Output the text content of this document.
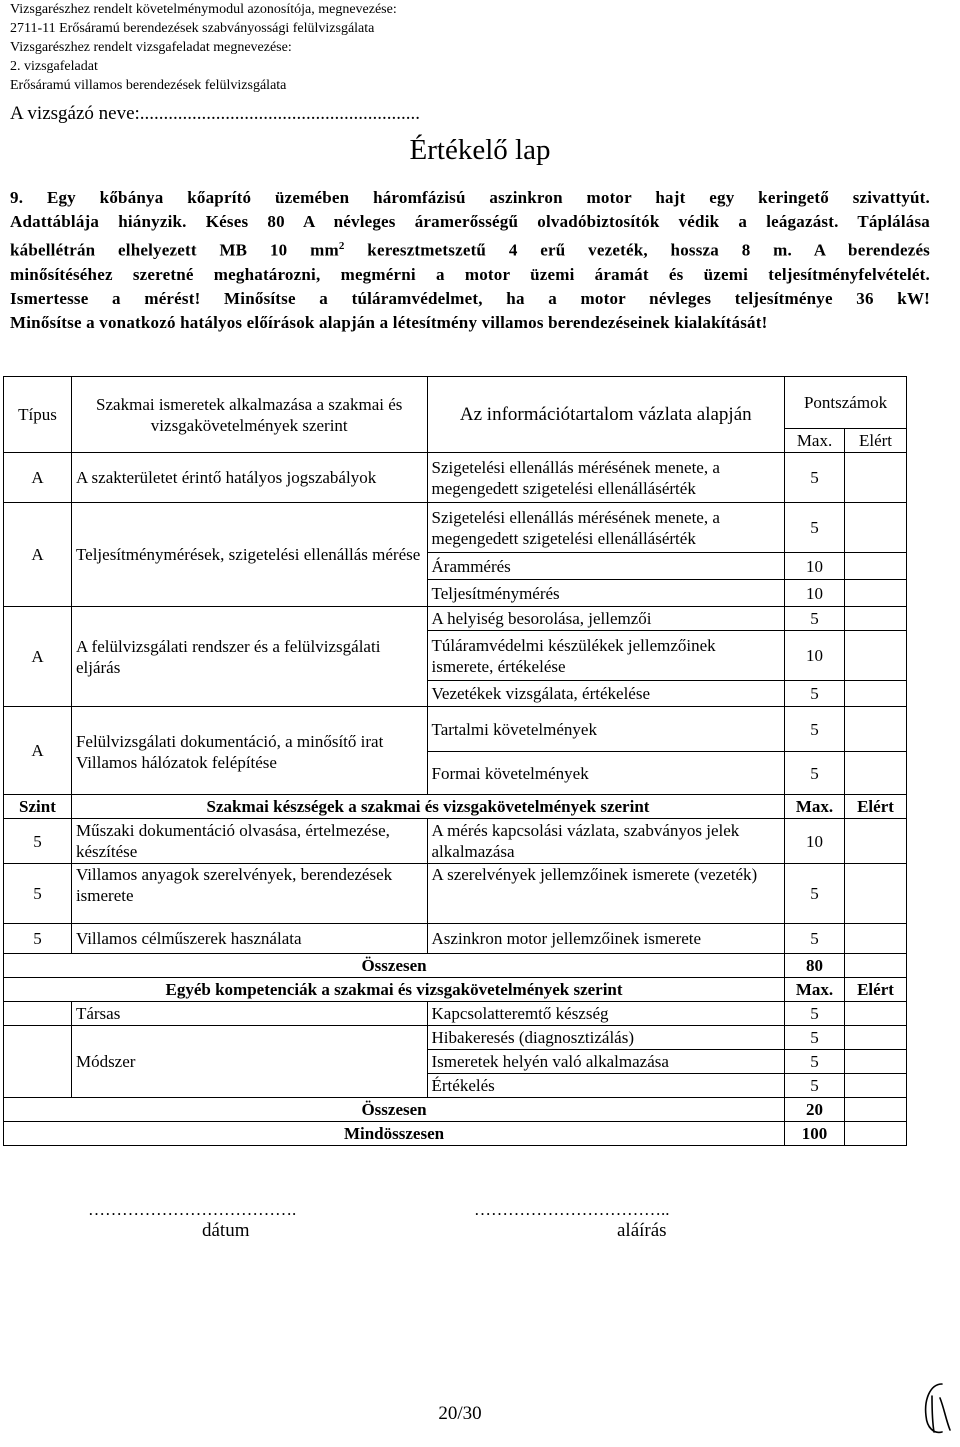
Vizsgarészhez rendelt követelménymodul azonosítója, megnevezése:
2711-11 Erősáramú berendezések szabványossági felülvizsgálata
Vizsgarészhez rendelt vizsgafeladat megnevezése:
2. vizsgafeladat
Erősáramú villamos berendezések felülvizsgálata
A vizsgázó neve:...........................................................
Értékelő lap

9. Egy kőbánya kőaprító üzemében háromfázisú aszinkron motor hajt egy keringető szivattyút.

Adattáblája hiányzik. Késes 80 A névleges áramerősségű olvadóbiztosítók védik a leágazást. Táplálása

kábellétrán elhelyezett MB 10 $mm^2$ keresztmetszetű 4 erű vezeték, hossza 8 m. A berendezés

minősítéséhez szeretné meghatározni, megmérni a motor üzemi áramát és üzemi teljesítményfelvételét.

Ismertesse a mérést! Minősítse a túláramvédelmet, ha a motor névleges teljesítménye 36 kW!

Minősítse a vonatkozó hatályos előírások alapján a létesítmény villamos berendezéseinek kialakítását!

Típus	Szakmai ismeretek alkalmazása a szakmai és vizsgakövetelmények szerint	Az információtartalom vázlata alapján	Pontszámok	
			Max.	Elért
A	A szakterületet érintő hatályos jogszabályok	Szigetelési ellenállás mérésének menete, a megengedett szigetelési ellenállásérték	5	
A	Teljesítménymérések, szigetelési ellenállás mérése	Szigetelési ellenállás mérésének menete, a megengedett szigetelési ellenállásérték	5	
		Árammérés	10	
		Teljesítménymérés	10	
A	A felülvizsgálati rendszer és a felülvizsgálati eljárás	A helyiség besorolása, jellemzői	5	
		Túláramvédelmi készülékek jellemzőinek ismerete, értékelése	10	
		Vezetékek vizsgálata, értékelése	5	
A	Felülvizsgálati dokumentáció, a minősítő irat	Tartalmi követelmények	5	
	Villamos hálózatok felépítése	Formai követelmények	5	
Szint	Szakmai készségek a szakmai és vizsgakövetelmények szerint		Max.	Elért
5	Műszaki dokumentáció olvasása, értelmezése, készítése	A mérés kapcsolási vázlata, szabványos jelek alkalmazása	10	
5	Villamos anyagok szerelvények, berendezések ismerete	A szerelvények jellemzőinek ismerete (vezeték)	5	
5	Villamos célműszerek használata	Aszinkron motor jellemzőinek ismerete	5	
Összesen			80	
Egyéb kompetenciák a szakmai és vizsgakövetelmények szerint			Max.	Elért
	Társas	Kapcsolatteremtő készség	5	
	Módszer	Hibakeresés (diagnosztizálás)	5	
		Ismeretek helyén való alkalmazása	5	
		Értékelés	5	
Összesen			20	
Mindösszesen			100	
……………………………….	……………………………..
dátum	aláírás
20/30
